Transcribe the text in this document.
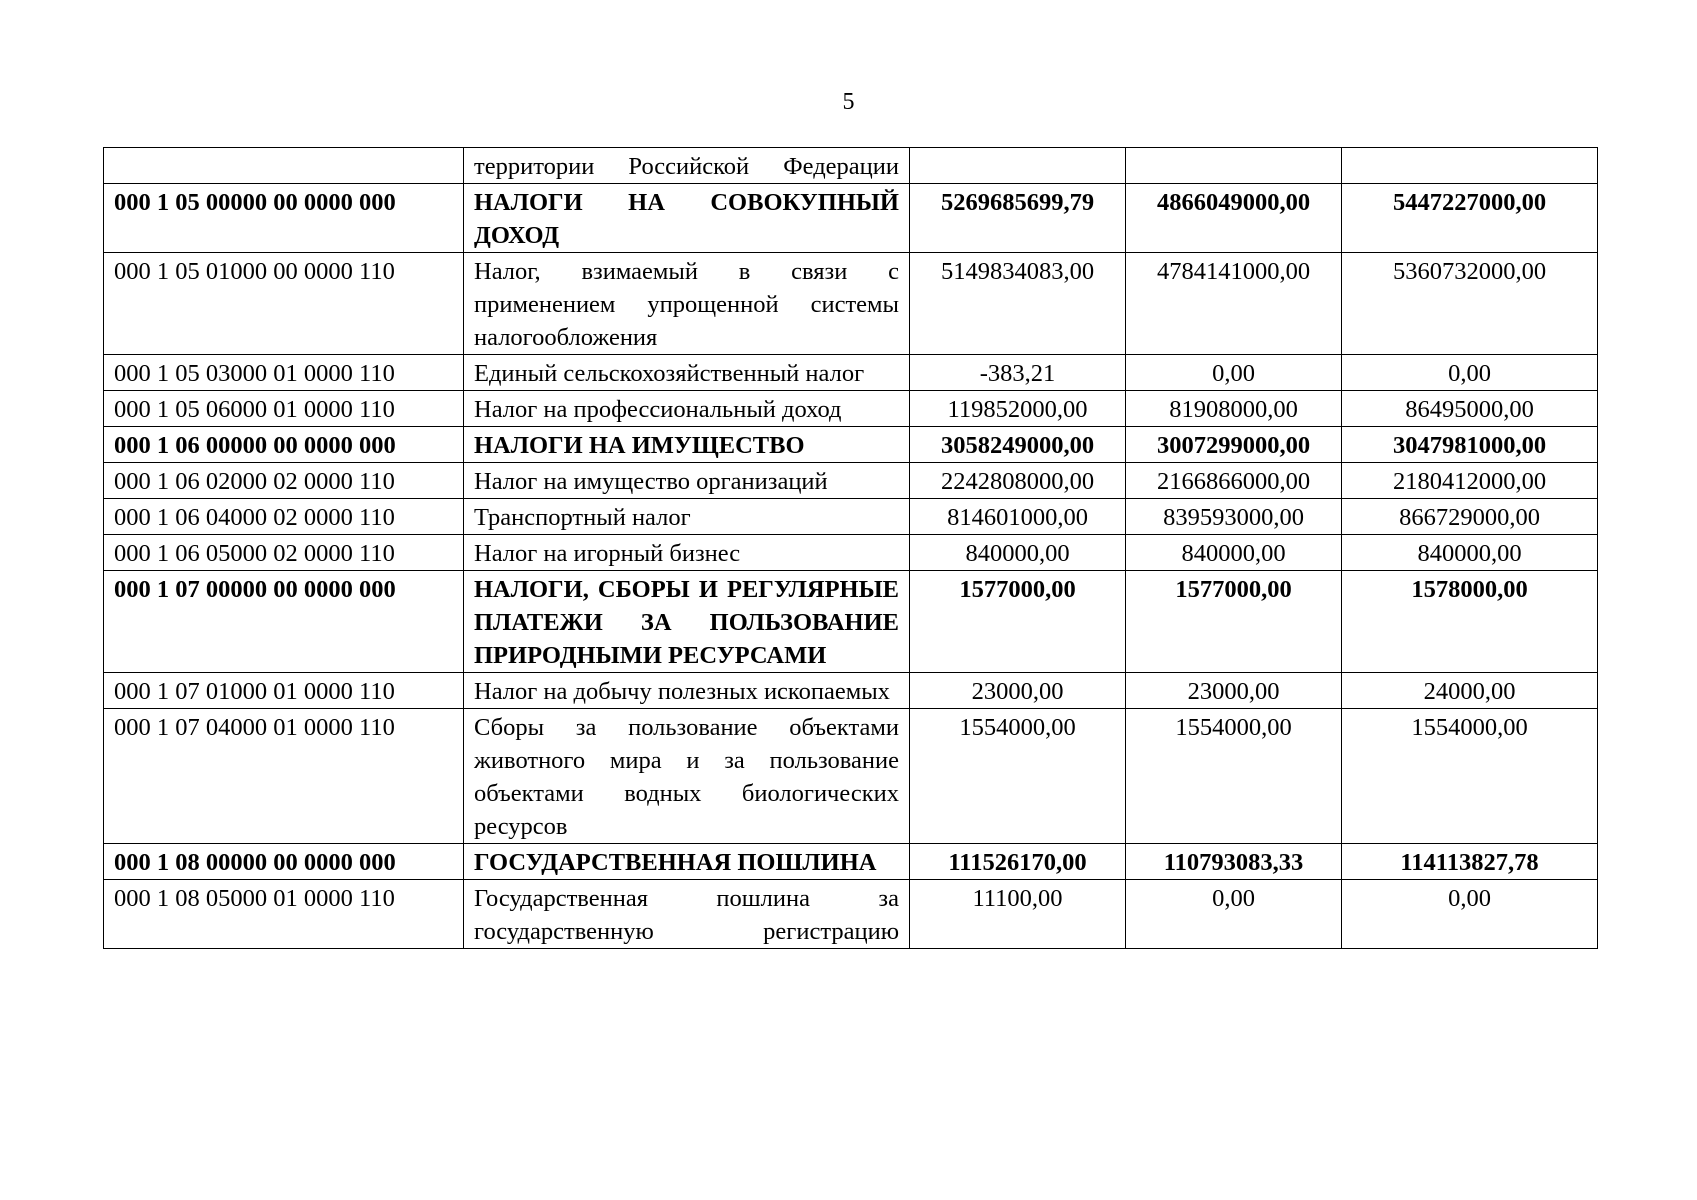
5
	территории Российской Федерации			
000 1 05 00000 00 0000 000	НАЛОГИ НА СОВОКУПНЫЙ ДОХОД	5269685699,79	4866049000,00	5447227000,00
000 1 05 01000 00 0000 110	Налог, взимаемый в связи с применением упрощенной системы налогообложения	5149834083,00	4784141000,00	5360732000,00
000 1 05 03000 01 0000 110	Единый сельскохозяйственный налог	-383,21	0,00	0,00
000 1 05 06000 01 0000 110	Налог на профессиональный доход	119852000,00	81908000,00	86495000,00
000 1 06 00000 00 0000 000	НАЛОГИ НА ИМУЩЕСТВО	3058249000,00	3007299000,00	3047981000,00
000 1 06 02000 02 0000 110	Налог на имущество организаций	2242808000,00	2166866000,00	2180412000,00
000 1 06 04000 02 0000 110	Транспортный налог	814601000,00	839593000,00	866729000,00
000 1 06 05000 02 0000 110	Налог на игорный бизнес	840000,00	840000,00	840000,00
000 1 07 00000 00 0000 000	НАЛОГИ, СБОРЫ И РЕГУЛЯРНЫЕ ПЛАТЕЖИ ЗА ПОЛЬЗОВАНИЕ ПРИРОДНЫМИ РЕСУРСАМИ	1577000,00	1577000,00	1578000,00
000 1 07 01000 01 0000 110	Налог на добычу полезных ископаемых	23000,00	23000,00	24000,00
000 1 07 04000 01 0000 110	Сборы за пользование объектами животного мира и за пользование объектами водных биологических ресурсов	1554000,00	1554000,00	1554000,00
000 1 08 00000 00 0000 000	ГОСУДАРСТВЕННАЯ ПОШЛИНА	111526170,00	110793083,33	114113827,78
000 1 08 05000 01 0000 110	Государственная пошлина за государственную регистрацию	11100,00	0,00	0,00
